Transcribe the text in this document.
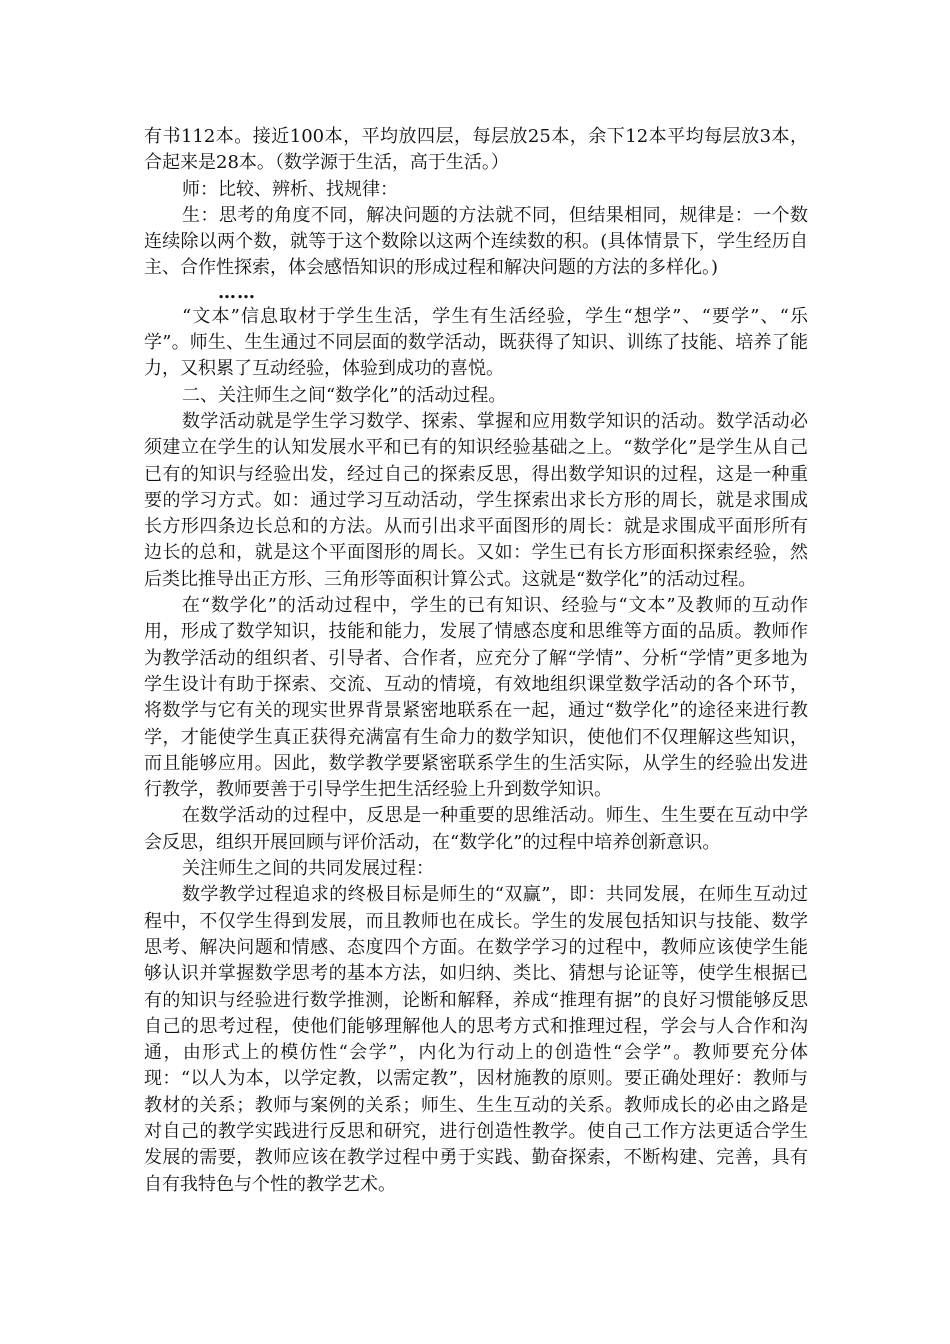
有书112本。接近100本，平均放四层，每层放25本，余下12本平均每层放3本，合起来是28本。（数学源于生活，高于生活。）

师：比较、辨析、找规律：

生：思考的角度不同，解决问题的方法就不同，但结果相同，规律是：一个数连续除以两个数，就等于这个数除以这两个连续数的积。(具体情景下，学生经历自主、合作性探索，体会感悟知识的形成过程和解决问题的方法的多样化。)

……

“文本”信息取材于学生生活，学生有生活经验，学生“想学”、“要学”、“乐学”。师生、生生通过不同层面的数学活动，既获得了知识、训练了技能、培养了能力，又积累了互动经验，体验到成功的喜悦。

二、关注师生之间“数学化”的活动过程。

数学活动就是学生学习数学、探索、掌握和应用数学知识的活动。数学活动必须建立在学生的认知发展水平和已有的知识经验基础之上。“数学化”是学生从自己已有的知识与经验出发，经过自己的探索反思，得出数学知识的过程，这是一种重要的学习方式。如：通过学习互动活动，学生探索出求长方形的周长，就是求围成长方形四条边长总和的方法。从而引出求平面图形的周长：就是求围成平面形所有边长的总和，就是这个平面图形的周长。又如：学生已有长方形面积探索经验，然后类比推导出正方形、三角形等面积计算公式。这就是“数学化”的活动过程。

在“数学化”的活动过程中，学生的已有知识、经验与“文本”及教师的互动作用，形成了数学知识，技能和能力，发展了情感态度和思维等方面的品质。教师作为教学活动的组织者、引导者、合作者，应充分了解“学情”、分析“学情”更多地为学生设计有助于探索、交流、互动的情境，有效地组织课堂数学活动的各个环节，将数学与它有关的现实世界背景紧密地联系在一起，通过“数学化”的途径来进行教学，才能使学生真正获得充满富有生命力的数学知识，使他们不仅理解这些知识，而且能够应用。因此，数学教学要紧密联系学生的生活实际，从学生的经验出发进行教学，教师要善于引导学生把生活经验上升到数学知识。

在数学活动的过程中，反思是一种重要的思维活动。师生、生生要在互动中学会反思，组织开展回顾与评价活动，在“数学化”的过程中培养创新意识。

关注师生之间的共同发展过程：

数学教学过程追求的终极目标是师生的“双赢”，即：共同发展，在师生互动过程中，不仅学生得到发展，而且教师也在成长。学生的发展包括知识与技能、数学思考、解决问题和情感、态度四个方面。在数学学习的过程中，教师应该使学生能够认识并掌握数学思考的基本方法，如归纳、类比、猜想与论证等，使学生根据已有的知识与经验进行数学推测，论断和解释，养成“推理有据”的良好习惯能够反思自己的思考过程，使他们能够理解他人的思考方式和推理过程，学会与人合作和沟通，由形式上的模仿性“会学”，内化为行动上的创造性“会学”。教师要充分体现：“以人为本，以学定教，以需定教”，因材施教的原则。要正确处理好：教师与教材的关系；教师与案例的关系；师生、生生互动的关系。教师成长的必由之路是对自己的教学实践进行反思和研究，进行创造性教学。使自己工作方法更适合学生发展的需要，教师应该在教学过程中勇于实践、勤奋探索，不断构建、完善，具有自有我特色与个性的教学艺术。
